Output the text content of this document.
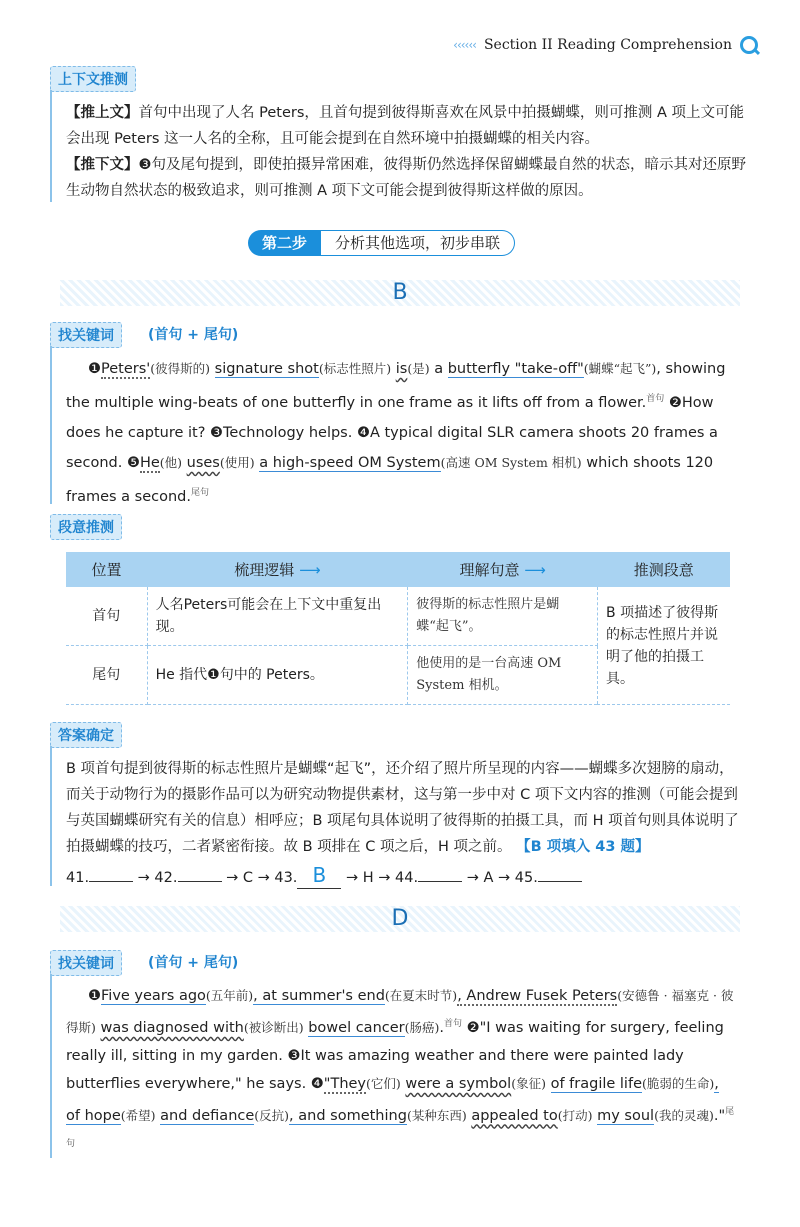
‹‹‹‹‹‹ Section II Reading Comprehension
上下文推测
【推上文】首句中出现了人名 Peters，且首句提到彼得斯喜欢在风景中拍摄蝴蝶，则可推测 A 项上文可能会出现 Peters 这一人名的全称，且可能会提到在自然环境中拍摄蝴蝶的相关内容。
【推下文】❸句及尾句提到，即使拍摄异常困难，彼得斯仍然选择保留蝴蝶最自然的状态，暗示其对还原野生动物自然状态的极致追求，则可推测 A 项下文可能会提到彼得斯这样做的原因。
第二步	分析其他选项，初步串联
B
找关键词	(首句 + 尾句)
❶Peters'(彼得斯的) signature shot(标志性照片) is(是) a butterfly "take-off"(蝴蝶“起飞”), showing the multiple wing-beats of one butterfly in one frame as it lifts off from a flower.$^{首句}$ ❷How does he capture it? ❸Technology helps. ❹A typical digital SLR camera shoots 20 frames a second. ❺He(他) uses(使用) a high-speed OM System(高速 OM System 相机) which shoots 120 frames a second.$^{尾句}$
段意推测
位置	梳理逻辑 ⟶	理解句意 ⟶	推测段意
首句	人名Peters可能会在上下文中重复出现。	彼得斯的标志性照片是蝴蝶“起飞”。	B 项描述了彼得斯的标志性照片并说明了他的拍摄工具。
尾句	He 指代❶句中的 Peters。	他使用的是一台高速 OM System 相机。	
答案确定
B 项首句提到彼得斯的标志性照片是蝴蝶“起飞”，还介绍了照片所呈现的内容——蝴蝶多次翅膀的扇动，而关于动物行为的摄影作品可以为研究动物提供素材，这与第一步中对 C 项下文内容的推测（可能会提到与英国蝴蝶研究有关的信息）相呼应；B 项尾句具体说明了彼得斯的拍摄工具，而 H 项首句则具体说明了拍摄蝴蝶的技巧，二者紧密衔接。故 B 项排在 C 项之后，H 项之前。 【B 项填入 43 题】
41.	→ 42.	→ C → 43. B → H → 44.	→ A → 45.
D
找关键词	(首句 + 尾句)
❶Five years ago(五年前), at summer's end(在夏末时节), Andrew Fusek Peters(安德鲁 · 福塞克 · 彼得斯) was diagnosed with(被诊断出) bowel cancer(肠癌).$^{首句}$ ❷"I was waiting for surgery, feeling really ill, sitting in my garden. ❸It was amazing weather and there were painted lady butterflies everywhere," he says. ❹"They(它们) were a symbol(象征) of fragile life(脆弱的生命), of hope(希望) and defiance(反抗), and something(某种东西) appealed to(打动) my soul(我的灵魂)."$^{尾句}$
